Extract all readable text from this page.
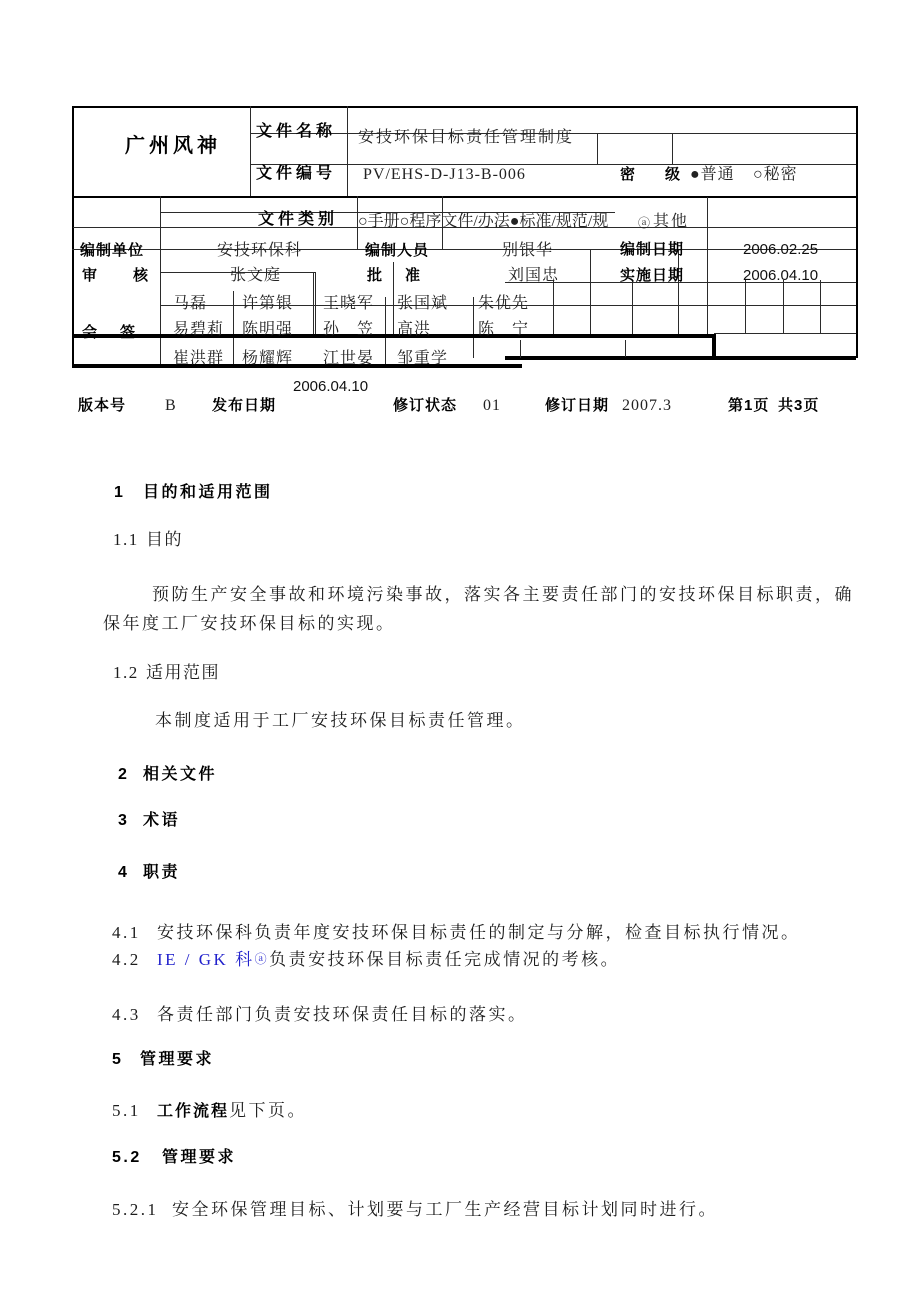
广州风神
文件名称 安技环保目标责任管理制度
文件编号 PV/EHS-D-J13-B-006	密 级 ●普通 ○秘密
文件类别 ○手册○程序文件/办法●标准/规范/规 ⓐ 其他
编制单位	安技环保科	编制人员	别银华	编制日期	2006.02.25
审核	张文庭	批准	刘国忠	实施日期	2006.04.10
会签
马磊 许第银 王晓军 张国斌 朱优先
易碧莉 陈明强 孙　笠 高洪	陈　宁
崔洪群 杨耀辉 江世晏 邹重学
2006.04.10
版本号 B 发布日期	修订状态 01	修订日期 2007.3	第1页 共3页
1 目的和适用范围
1.1 目的
预防生产安全事故和环境污染事故，落实各主要责任部门的安技环保目标职责，确
保年度工厂安技环保目标的实现。
1.2 适用范围
本制度适用于工厂安技环保目标责任管理。
2 相关文件
3 术语
4 职责
4.1 安技环保科负责年度安技环保目标责任的制定与分解，检查目标执行情况。
4.2 IE / GK 科ⓐ负责安技环保目标责任完成情况的考核。
4.3 各责任部门负责安技环保责任目标的落实。
5 管理要求
5.1 工作流程见下页。
5.2 管理要求
5.2.1 安全环保管理目标、计划要与工厂生产经营目标计划同时进行。
